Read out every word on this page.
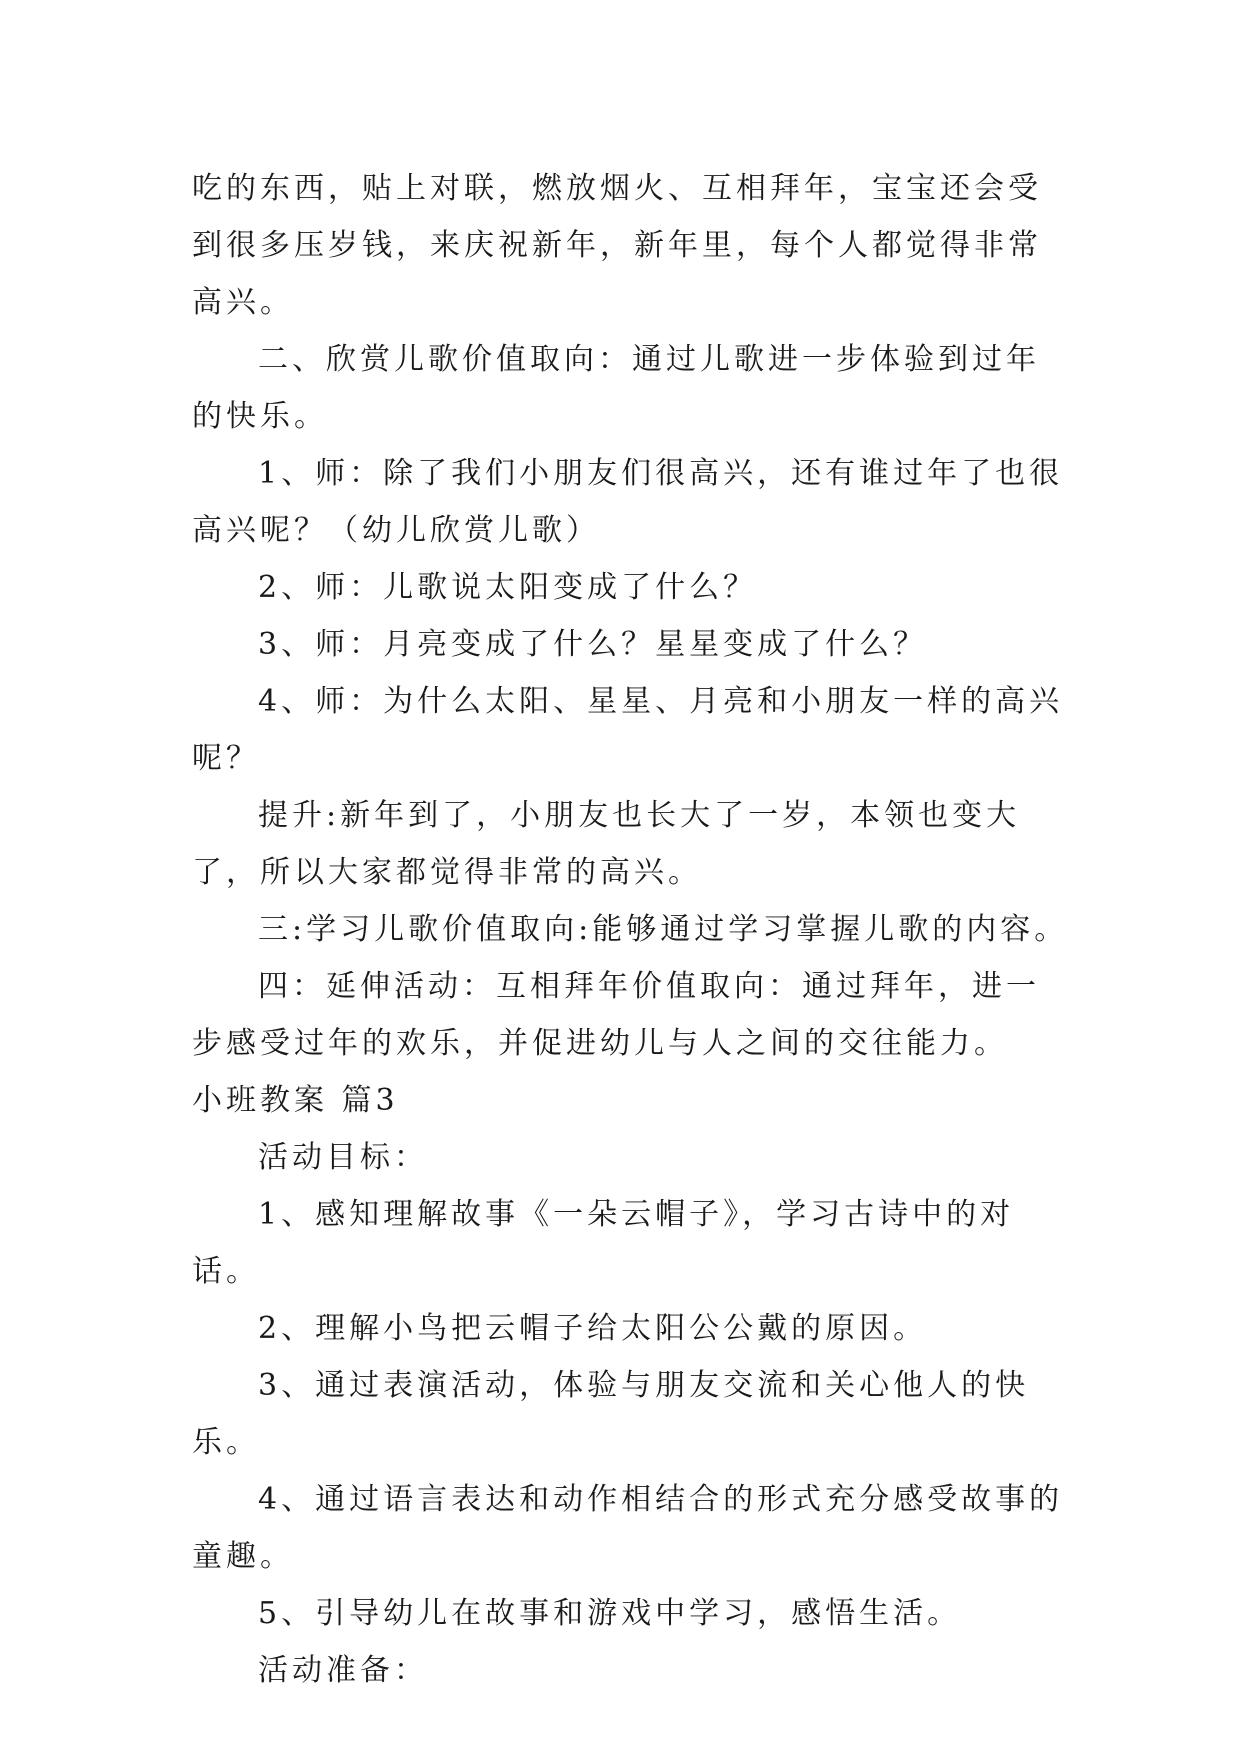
吃的东西，贴上对联，燃放烟火、互相拜年，宝宝还会受到很多压岁钱，来庆祝新年，新年里，每个人都觉得非常高兴。

二、欣赏儿歌价值取向：通过儿歌进一步体验到过年的快乐。

1、师：除了我们小朋友们很高兴，还有谁过年了也很高兴呢？（幼儿欣赏儿歌）

2、师：儿歌说太阳变成了什么？

3、师：月亮变成了什么？星星变成了什么？

4、师：为什么太阳、星星、月亮和小朋友一样的高兴呢？

提升:新年到了，小朋友也长大了一岁，本领也变大了，所以大家都觉得非常的高兴。

三:学习儿歌价值取向:能够通过学习掌握儿歌的内容。

四：延伸活动：互相拜年价值取向：通过拜年，进一步感受过年的欢乐，并促进幼儿与人之间的交往能力。

小班教案 篇3

活动目标：

1、感知理解故事《一朵云帽子》，学习古诗中的对话。

2、理解小鸟把云帽子给太阳公公戴的原因。

3、通过表演活动，体验与朋友交流和关心他人的快乐。

4、通过语言表达和动作相结合的形式充分感受故事的童趣。

5、引导幼儿在故事和游戏中学习，感悟生活。

活动准备：
